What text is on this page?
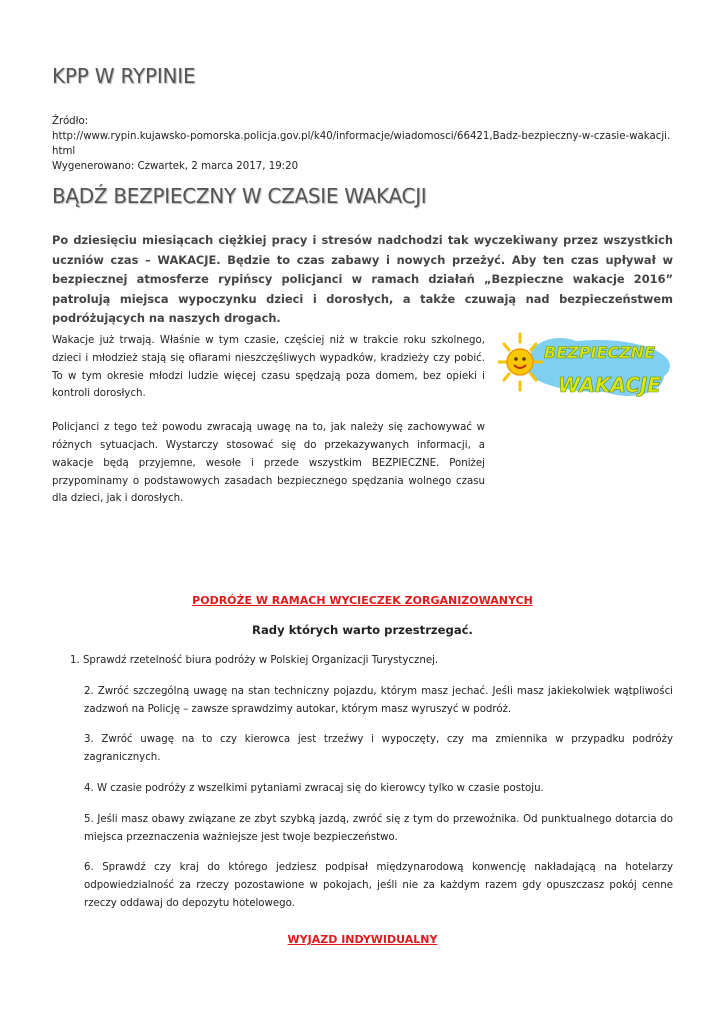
KPP W RYPINIE
Źródło:
http://www.rypin.kujawsko-pomorska.policja.gov.pl/k40/informacje/wiadomosci/66421,Badz-bezpieczny-w-czasie-wakacji.html
Wygenerowano: Czwartek, 2 marca 2017, 19:20
BĄDŹ BEZPIECZNY W CZASIE WAKACJI

Po dziesięciu miesiącach ciężkiej pracy i stresów nadchodzi tak wyczekiwany przez wszystkich uczniów czas – WAKACJE. Będzie to czas zabawy i nowych przeżyć. Aby ten czas upływał w bezpiecznej atmosferze rypińscy policjanci w ramach działań „Bezpieczne wakacje 2016” patrolują miejsca wypoczynku dzieci i dorosłych, a także czuwają nad bezpieczeństwem podróżujących na naszych drogach.

Wakacje już trwają. Właśnie w tym czasie, częściej niż w trakcie roku szkolnego, dzieci i młodzież stają się ofiarami nieszczęśliwych wypadków, kradzieży czy pobić. To w tym okresie młodzi ludzie więcej czasu spędzają poza domem, bez opieki i kontroli dorosłych.

Policjanci z tego też powodu zwracają uwagę na to, jak należy się zachowywać w różnych sytuacjach. Wystarczy stosować się do przekazywanych informacji, a wakacje będą przyjemne, wesołe i przede wszystkim BEZPIECZNE. Poniżej przypominamy o podstawowych zasadach bezpiecznego spędzania wolnego czasu dla dzieci, jak i dorosłych.

BEZPIECZNE
WAKACJE

PODRÓŻE W RAMACH WYCIECZEK ZORGANIZOWANYCH

Rady których warto przestrzegać.

1. Sprawdź rzetelność biura podróży w Polskiej Organizacji Turystycznej.

2. Zwróć szczególną uwagę na stan techniczny pojazdu, którym masz jechać. Jeśli masz jakiekolwiek wątpliwości zadzwoń na Policję – zawsze sprawdzimy autokar, którym masz wyruszyć w podróż.

3. Zwróć uwagę na to czy kierowca jest trzeźwy i wypoczęty, czy ma zmiennika w przypadku podróży zagranicznych.

4. W czasie podróży z wszelkimi pytaniami zwracaj się do kierowcy tylko w czasie postoju.

5. Jeśli masz obawy związane ze zbyt szybką jazdą, zwróć się z tym do przewoźnika. Od punktualnego dotarcia do miejsca przeznaczenia ważniejsze jest twoje bezpieczeństwo.

6. Sprawdź czy kraj do którego jedziesz podpisał międzynarodową konwencję nakładającą na hotelarzy odpowiedzialność za rzeczy pozostawione w pokojach, jeśli nie za każdym razem gdy opuszczasz pokój cenne rzeczy oddawaj do depozytu hotelowego.

WYJAZD INDYWIDUALNY
